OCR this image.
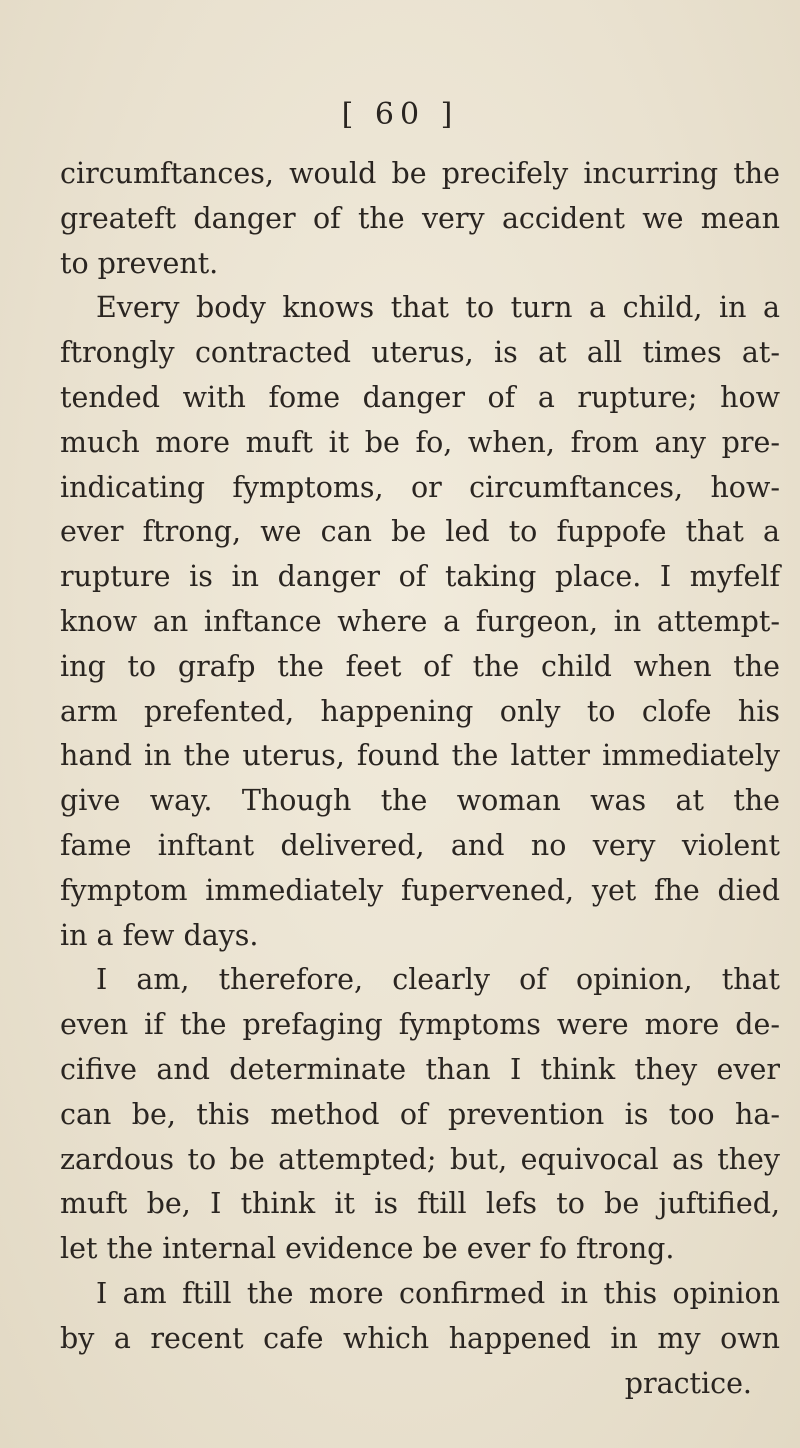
[ 60 ]
circumftances, would be precifely incurring the
greateft danger of the very accident we mean
to prevent.
Every body knows that to turn a child, in a
ftrongly contracted uterus, is at all times at-
tended with fome danger of a rupture; how
much more muft it be fo, when, from any pre-
indicating fymptoms, or circumftances, how-
ever ftrong, we can be led to fuppofe that a
rupture is in danger of taking place. I myfelf
know an inftance where a furgeon, in attempt-
ing to grafp the feet of the child when the
arm prefented, happening only to clofe his
hand in the uterus, found the latter immediately
give way. Though the woman was at the
fame inftant delivered, and no very violent
fymptom immediately fupervened, yet fhe died
in a few days.
I am, therefore, clearly of opinion, that
even if the prefaging fymptoms were more de-
cifive and determinate than I think they ever
can be, this method of prevention is too ha-
zardous to be attempted; but, equivocal as they
muft be, I think it is ftill lefs to be juftified,
let the internal evidence be ever fo ftrong.
I am ftill the more confirmed in this opinion
by a recent cafe which happened in my own
practice.
